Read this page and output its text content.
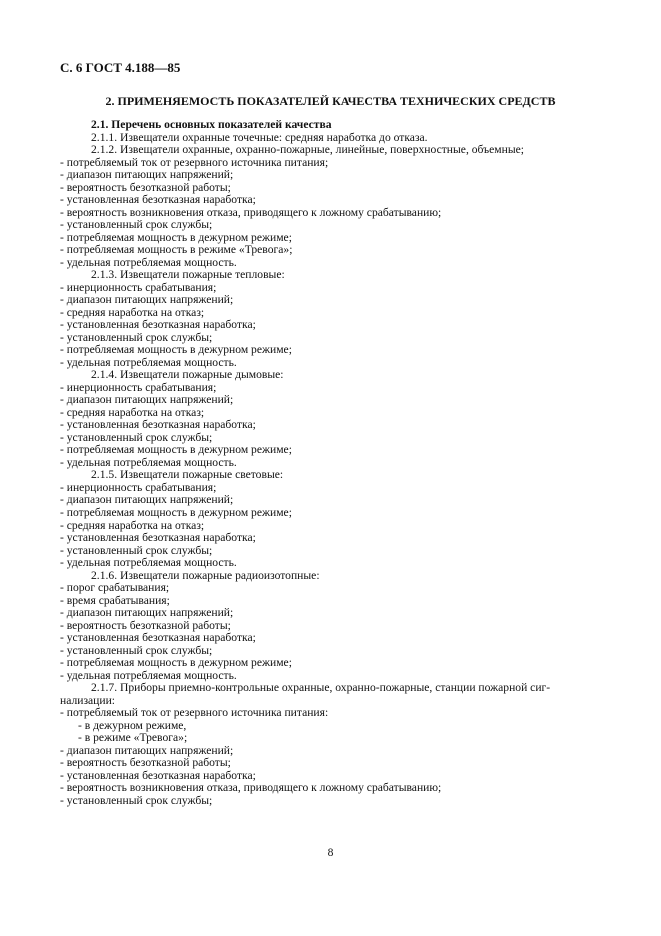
С. 6 ГОСТ 4.188—85
2. ПРИМЕНЯЕМОСТЬ ПОКАЗАТЕЛЕЙ КАЧЕСТВА ТЕХНИЧЕСКИХ СРЕДСТВ
2.1. Перечень основных показателей качества
2.1.1. Извещатели охранные точечные: средняя наработка до отказа.
2.1.2. Извещатели охранные, охранно-пожарные, линейные, поверхностные, объемные;
- потребляемый ток от резервного источника питания;
- диапазон питающих напряжений;
- вероятность безотказной работы;
- установленная безотказная наработка;
- вероятность возникновения отказа, приводящего к ложному срабатыванию;
- установленный срок службы;
- потребляемая мощность в дежурном режиме;
- потребляемая мощность в режиме «Тревога»;
- удельная потребляемая мощность.
2.1.3. Извещатели пожарные тепловые:
- инерционность срабатывания;
- диапазон питающих напряжений;
- средняя наработка на отказ;
- установленная безотказная наработка;
- установленный срок службы;
- потребляемая мощность в дежурном режиме;
- удельная потребляемая мощность.
2.1.4. Извещатели пожарные дымовые:
- инерционность срабатывания;
- диапазон питающих напряжений;
- средняя наработка на отказ;
- установленная безотказная наработка;
- установленный срок службы;
- потребляемая мощность в дежурном режиме;
- удельная потребляемая мощность.
2.1.5. Извещатели пожарные световые:
- инерционность срабатывания;
- диапазон питающих напряжений;
- потребляемая мощность в дежурном режиме;
- средняя наработка на отказ;
- установленная безотказная наработка;
- установленный срок службы;
- удельная потребляемая мощность.
2.1.6. Извещатели пожарные радиоизотопные:
- порог срабатывания;
- время срабатывания;
- диапазон питающих напряжений;
- вероятность безотказной работы;
- установленная безотказная наработка;
- установленный срок службы;
- потребляемая мощность в дежурном режиме;
- удельная потребляемая мощность.
2.1.7. Приборы приемно-контрольные охранные, охранно-пожарные, станции пожарной сиг-
нализации:
- потребляемый ток от резервного источника питания:
- в дежурном режиме,
- в режиме «Тревога»;
- диапазон питающих напряжений;
- вероятность безотказной работы;
- установленная безотказная наработка;
- вероятность возникновения отказа, приводящего к ложному срабатыванию;
- установленный срок службы;
8
